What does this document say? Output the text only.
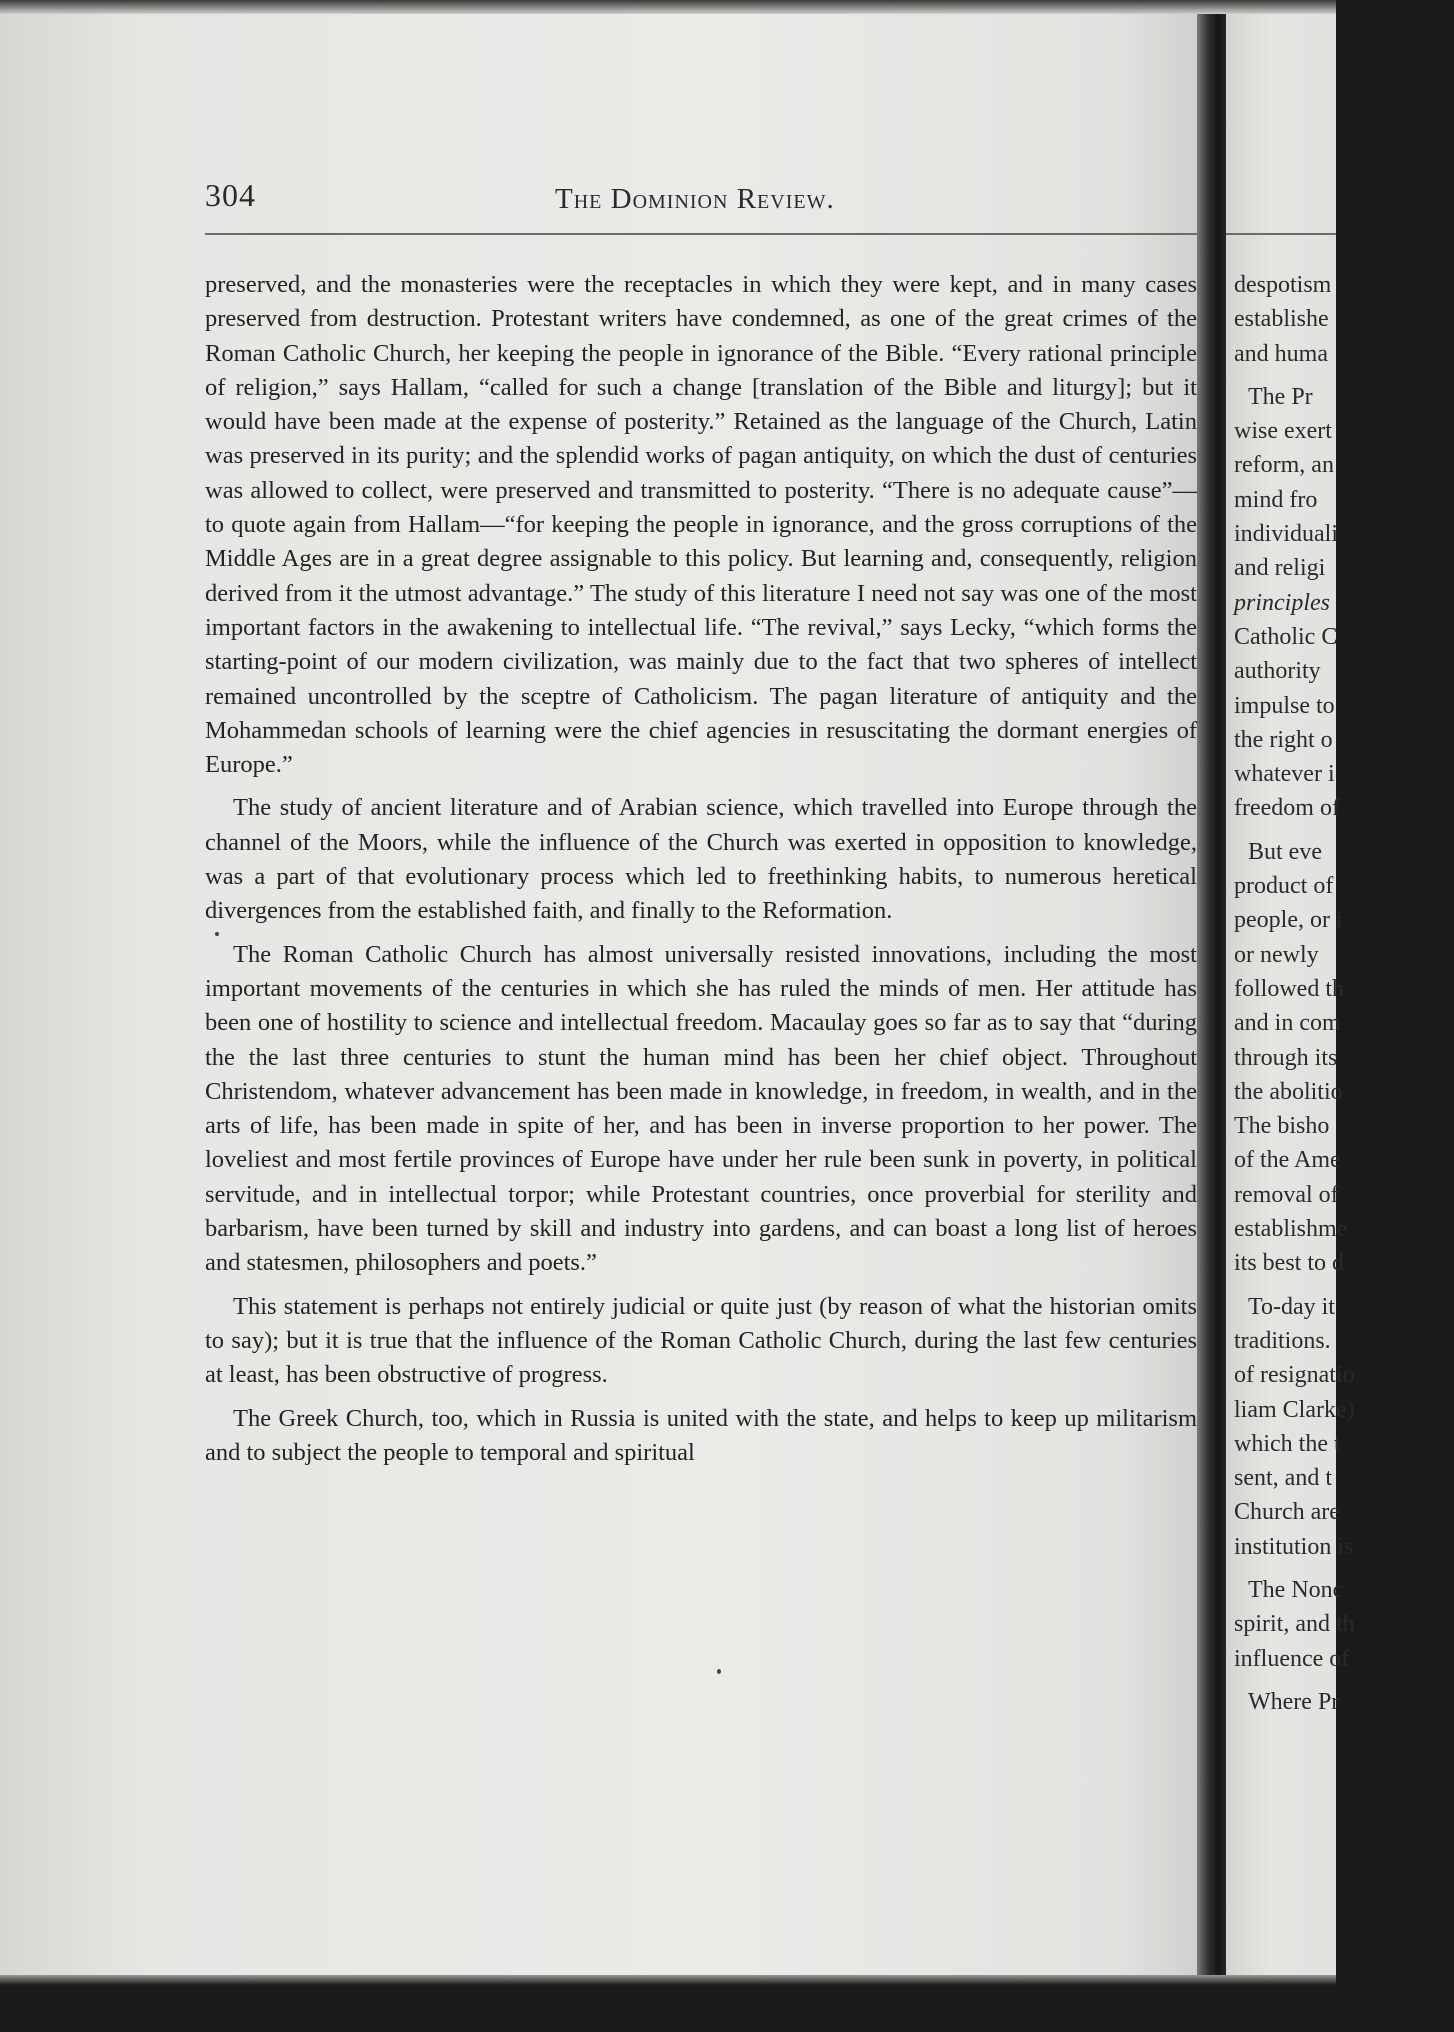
304	The Dominion Review.

preserved, and the monasteries were the receptacles in which they were kept, and in many cases preserved from destruction. Protestant writers have condemned, as one of the great crimes of the Roman Catholic Church, her keeping the people in ignorance of the Bible. “Every rational principle of religion,” says Hallam, “called for such a change [translation of the Bible and liturgy]; but it would have been made at the expense of posterity.” Retained as the language of the Church, Latin was preserved in its purity; and the splendid works of pagan antiquity, on which the dust of centuries was allowed to collect, were preserved and transmitted to posterity. “There is no adequate cause”—to quote again from Hallam—“for keeping the people in ignorance, and the gross corruptions of the Middle Ages are in a great degree assignable to this policy. But learning and, consequently, religion derived from it the utmost advantage.” The study of this literature I need not say was one of the most important factors in the awakening to intellectual life. “The revival,” says Lecky, “which forms the starting-point of our modern civilization, was mainly due to the fact that two spheres of intellect remained uncontrolled by the sceptre of Catholicism. The pagan literature of antiquity and the Mohammedan schools of learning were the chief agencies in resuscitating the dormant energies of Europe.”

The study of ancient literature and of Arabian science, which travelled into Europe through the channel of the Moors, while the influence of the Church was exerted in opposition to knowledge, was a part of that evolutionary process which led to freethinking habits, to numerous heretical divergences from the established faith, and finally to the Reformation.

The Roman Catholic Church has almost universally resisted innovations, including the most important movements of the centuries in which she has ruled the minds of men. Her attitude has been one of hostility to science and intellectual freedom. Macaulay goes so far as to say that “during the the last three centuries to stunt the human mind has been her chief object. Throughout Christendom, whatever advancement has been made in knowledge, in freedom, in wealth, and in the arts of life, has been made in spite of her, and has been in inverse proportion to her power. The loveliest and most fertile provinces of Europe have under her rule been sunk in poverty, in political servitude, and in intellectual torpor; while Protestant countries, once proverbial for sterility and barbarism, have been turned by skill and industry into gardens, and can boast a long list of heroes and statesmen, philosophers and poets.”

This statement is perhaps not entirely judicial or quite just (by reason of what the historian omits to say); but it is true that the influence of the Roman Catholic Church, during the last few centuries at least, has been obstructive of progress.

The Greek Church, too, which in Russia is united with the state, and helps to keep up militarism and to subject the people to temporal and spiritual

despotism
establishe
and huma
The Pr
wise exert
reform, an
mind fro
individuali
and religi
principles
Catholic C
authority
impulse to
the right o
whatever i
freedom of
But eve
product of
people, or i
or newly
followed th
and in com
through its
the abolitio
The bisho
of the Ame
removal of
establishme
its best to d
To-day it
traditions.
of resignatio
liam Clarke)
which the t
sent, and t
Church are
institution is
The Nonc
spirit, and th
influence of
Where Pr
